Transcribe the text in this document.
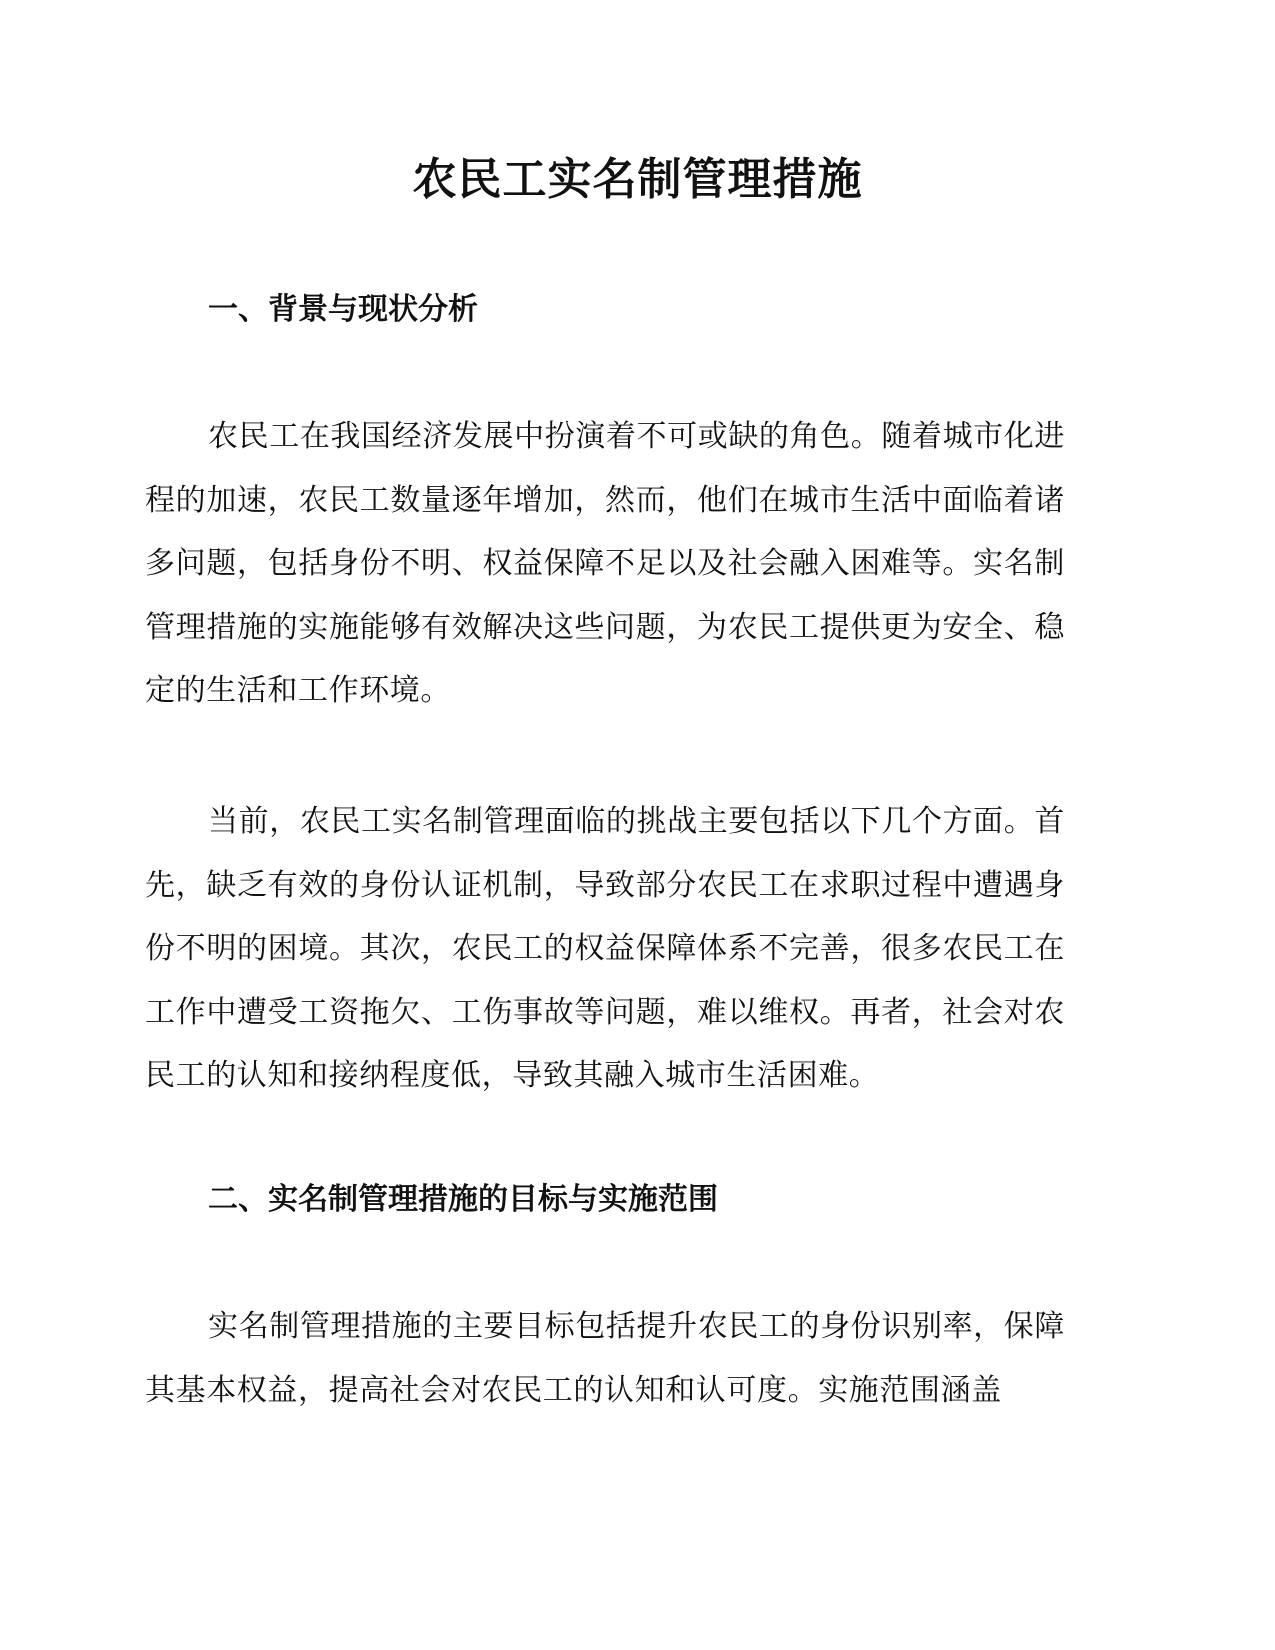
农民工实名制管理措施
一、背景与现状分析

农民工在我国经济发展中扮演着不可或缺的角色。随着城市化进程的加速，农民工数量逐年增加，然而，他们在城市生活中面临着诸多问题，包括身份不明、权益保障不足以及社会融入困难等。实名制管理措施的实施能够有效解决这些问题，为农民工提供更为安全、稳定的生活和工作环境。

当前，农民工实名制管理面临的挑战主要包括以下几个方面。首先，缺乏有效的身份认证机制，导致部分农民工在求职过程中遭遇身份不明的困境。其次，农民工的权益保障体系不完善，很多农民工在工作中遭受工资拖欠、工伤事故等问题，难以维权。再者，社会对农民工的认知和接纳程度低，导致其融入城市生活困难。

二、实名制管理措施的目标与实施范围

实名制管理措施的主要目标包括提升农民工的身份识别率，保障其基本权益，提高社会对农民工的认知和认可度。实施范围涵盖
